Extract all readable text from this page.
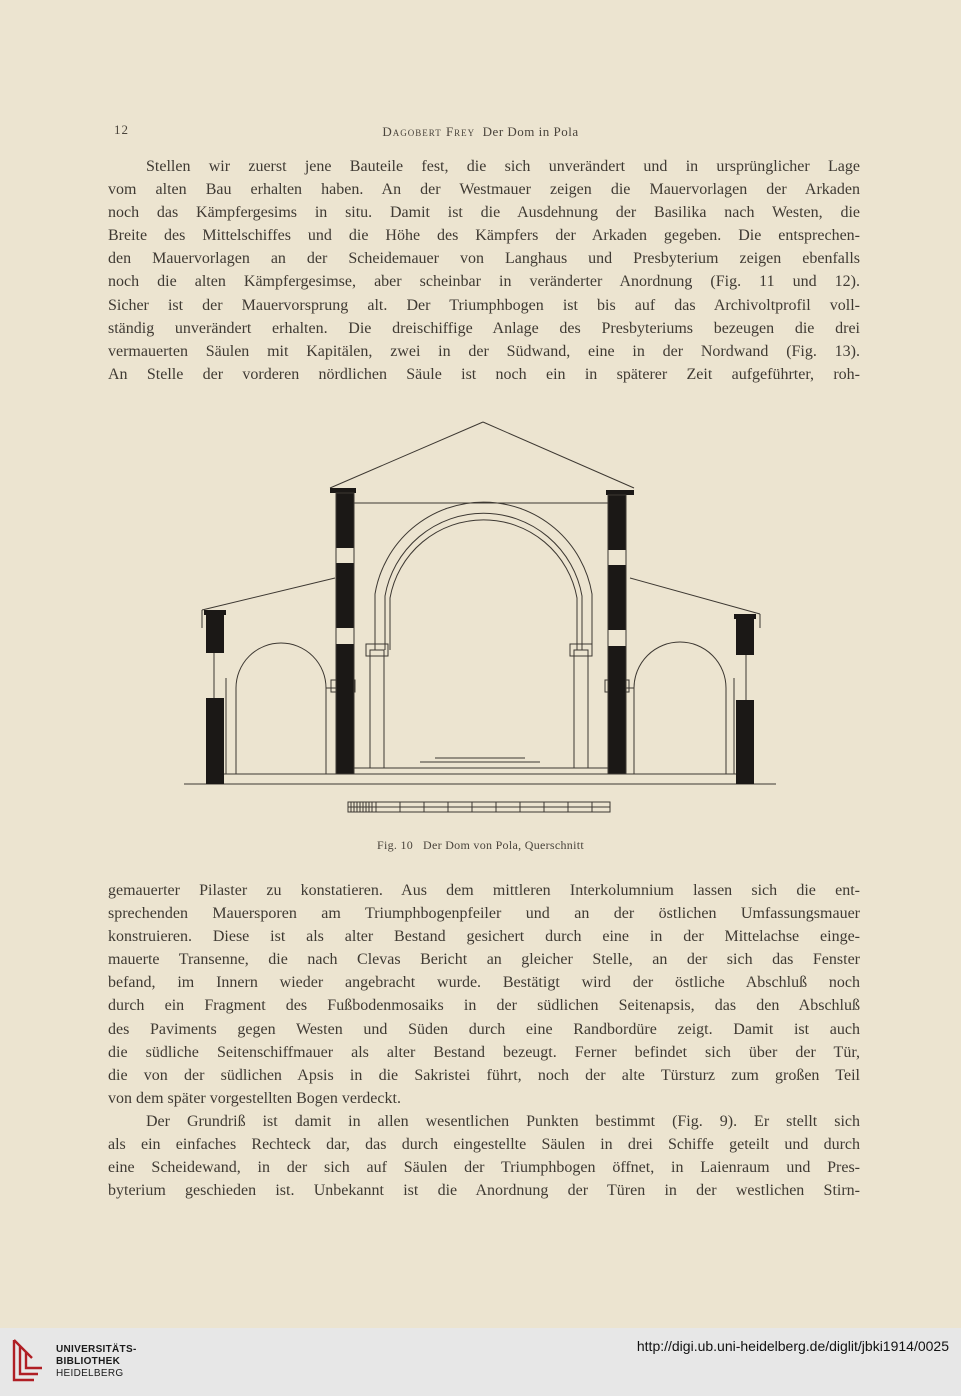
12	Dagobert Frey Der Dom in Pola
Stellen wir zuerst jene Bauteile fest, die sich unverändert und in ursprünglicher Lage
vom alten Bau erhalten haben. An der Westmauer zeigen die Mauervorlagen der Arkaden
noch das Kämpfergesims in situ. Damit ist die Ausdehnung der Basilika nach Westen, die
Breite des Mittelschiffes und die Höhe des Kämpfers der Arkaden gegeben. Die entsprechen-
den Mauervorlagen an der Scheidemauer von Langhaus und Presbyterium zeigen ebenfalls
noch die alten Kämpfergesimse, aber scheinbar in veränderter Anordnung (Fig. 11 und 12).
Sicher ist der Mauervorsprung alt. Der Triumphbogen ist bis auf das Archivoltprofil voll-
ständig unverändert erhalten. Die dreischiffige Anlage des Presbyteriums bezeugen die drei
vermauerten Säulen mit Kapitälen, zwei in der Südwand, eine in der Nordwand (Fig. 13).
An Stelle der vorderen nördlichen Säule ist noch ein in späterer Zeit aufgeführter, roh-
Fig. 10 Der Dom von Pola, Querschnitt
gemauerter Pilaster zu konstatieren. Aus dem mittleren Interkolumnium lassen sich die ent-
sprechenden Mauersporen am Triumphbogenpfeiler und an der östlichen Umfassungsmauer
konstruieren. Diese ist als alter Bestand gesichert durch eine in der Mittelachse einge-
mauerte Transenne, die nach Clevas Bericht an gleicher Stelle, an der sich das Fenster
befand, im Innern wieder angebracht wurde. Bestätigt wird der östliche Abschluß noch
durch ein Fragment des Fußbodenmosaiks in der südlichen Seitenapsis, das den Abschluß
des Paviments gegen Westen und Süden durch eine Randbordüre zeigt. Damit ist auch
die südliche Seitenschiffmauer als alter Bestand bezeugt. Ferner befindet sich über der Tür,
die von der südlichen Apsis in die Sakristei führt, noch der alte Türsturz zum großen Teil
von dem später vorgestellten Bogen verdeckt.
Der Grundriß ist damit in allen wesentlichen Punkten bestimmt (Fig. 9). Er stellt sich
als ein einfaches Rechteck dar, das durch eingestellte Säulen in drei Schiffe geteilt und durch
eine Scheidewand, in der sich auf Säulen der Triumphbogen öffnet, in Laienraum und Pres-
byterium geschieden ist. Unbekannt ist die Anordnung der Türen in der westlichen Stirn-
UNIVERSITÄTS-
BIBLIOTHEK
HEIDELBERG
http://digi.ub.uni-heidelberg.de/diglit/jbki1914/0025
